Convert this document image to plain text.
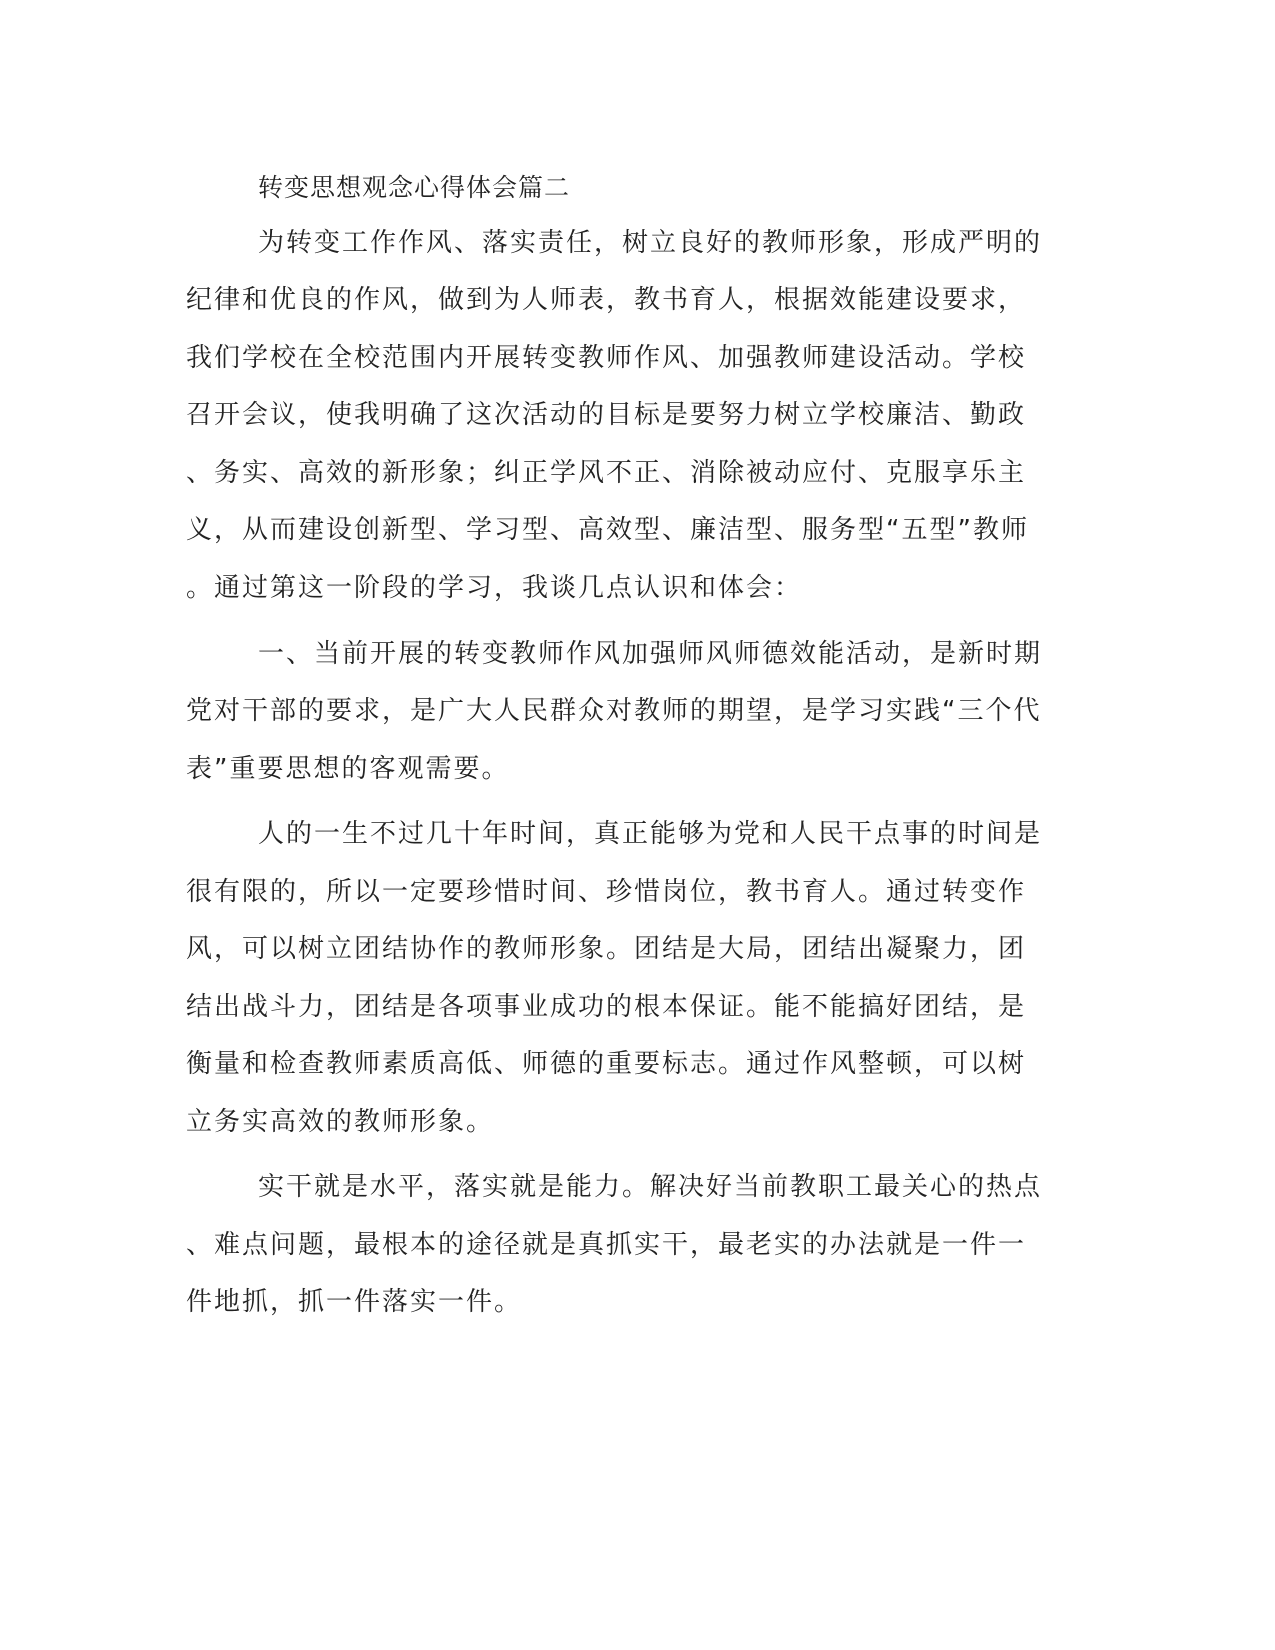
转变思想观念心得体会篇二
为转变工作作风、落实责任，树立良好的教师形象，形成严明的
纪律和优良的作风，做到为人师表，教书育人，根据效能建设要求，
我们学校在全校范围内开展转变教师作风、加强教师建设活动。学校
召开会议，使我明确了这次活动的目标是要努力树立学校廉洁、勤政
、务实、高效的新形象；纠正学风不正、消除被动应付、克服享乐主
义，从而建设创新型、学习型、高效型、廉洁型、服务型“五型”教师
。通过第这一阶段的学习，我谈几点认识和体会：
一、当前开展的转变教师作风加强师风师德效能活动，是新时期
党对干部的要求，是广大人民群众对教师的期望，是学习实践“三个代
表”重要思想的客观需要。
人的一生不过几十年时间，真正能够为党和人民干点事的时间是
很有限的，所以一定要珍惜时间、珍惜岗位，教书育人。通过转变作
风，可以树立团结协作的教师形象。团结是大局，团结出凝聚力，团
结出战斗力，团结是各项事业成功的根本保证。能不能搞好团结，是
衡量和检查教师素质高低、师德的重要标志。通过作风整顿，可以树
立务实高效的教师形象。
实干就是水平，落实就是能力。解决好当前教职工最关心的热点
、难点问题，最根本的途径就是真抓实干，最老实的办法就是一件一
件地抓，抓一件落实一件。
